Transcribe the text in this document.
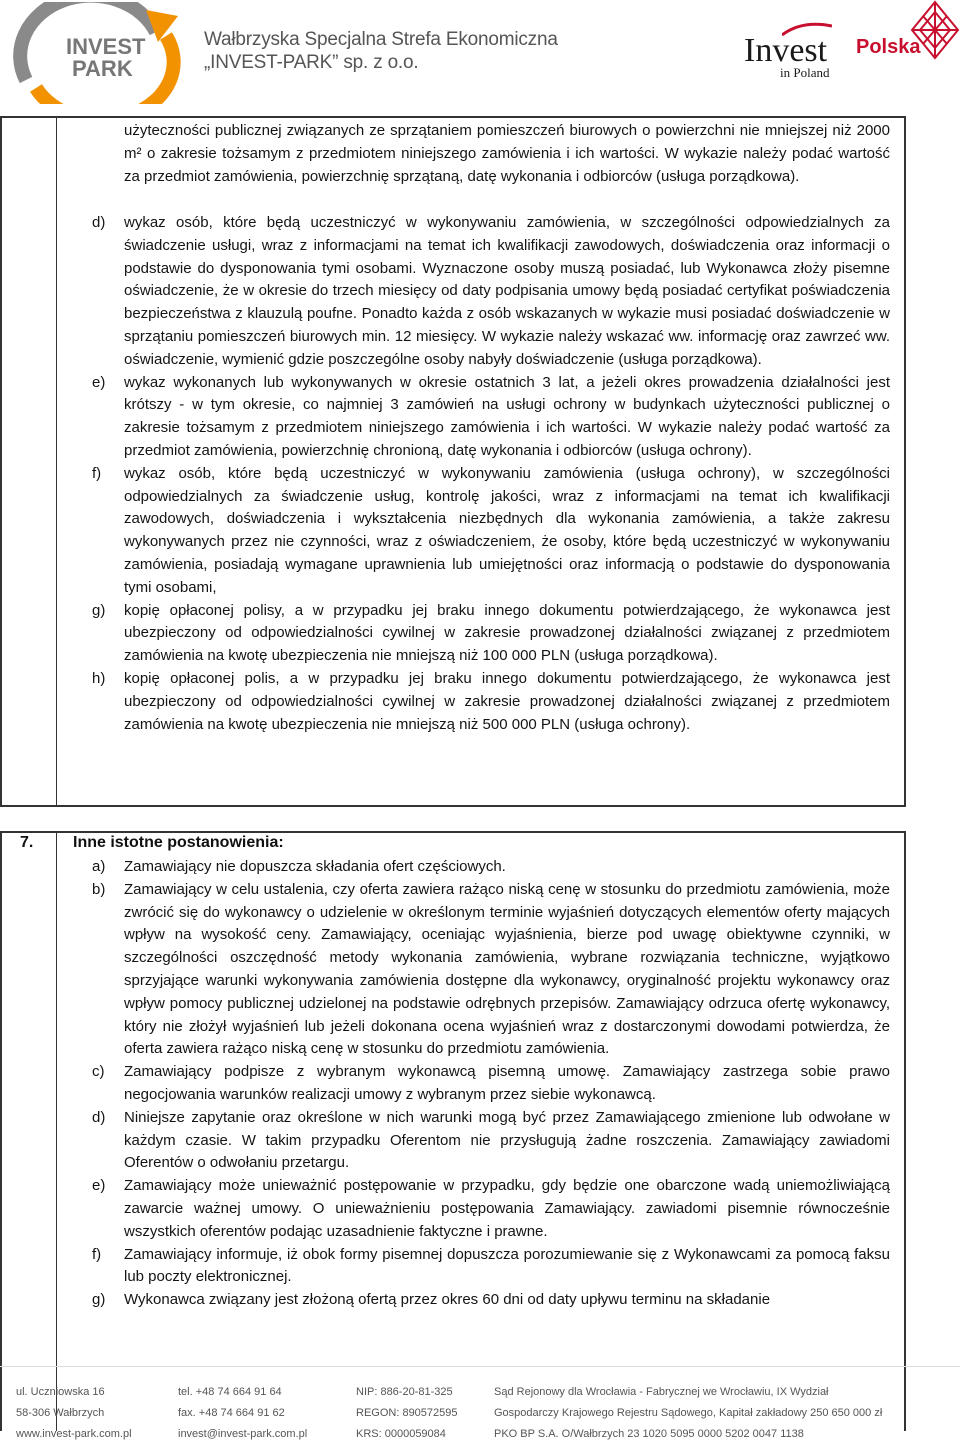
INVEST
PARK
Wałbrzyska Specjalna Strefa Ekonomiczna
„INVEST-PARK” sp. z o.o.	Invest
in Poland
Polska
użyteczności publicznej związanych ze sprzątaniem pomieszczeń biurowych o powierzchni nie mniejszej niż 2000 m² o zakresie tożsamym z przedmiotem niniejszego zamówienia i ich wartości. W wykazie należy podać wartość za przedmiot zamówienia, powierzchnię sprzątaną, datę wykonania i odbiorców (usługa porządkowa).
d) wykaz osób, które będą uczestniczyć w wykonywaniu zamówienia, w szczególności odpowiedzialnych za świadczenie usługi, wraz z informacjami na temat ich kwalifikacji zawodowych, doświadczenia oraz informacji o podstawie do dysponowania tymi osobami. Wyznaczone osoby muszą posiadać, lub Wykonawca złoży pisemne oświadczenie, że w okresie do trzech miesięcy od daty podpisania umowy będą posiadać certyfikat poświadczenia bezpieczeństwa z klauzulą poufne. Ponadto każda z osób wskazanych w wykazie musi posiadać doświadczenie w sprzątaniu pomieszczeń biurowych min. 12 miesięcy. W wykazie należy wskazać ww. informację oraz zawrzeć ww. oświadczenie, wymienić gdzie poszczególne osoby nabyły doświadczenie (usługa porządkowa).
e) wykaz wykonanych lub wykonywanych w okresie ostatnich 3 lat, a jeżeli okres prowadzenia działalności jest krótszy - w tym okresie, co najmniej 3 zamówień na usługi ochrony w budynkach użyteczności publicznej o zakresie tożsamym z przedmiotem niniejszego zamówienia i ich wartości. W wykazie należy podać wartość za przedmiot zamówienia, powierzchnię chronioną, datę wykonania i odbiorców (usługa ochrony).
f) wykaz osób, które będą uczestniczyć w wykonywaniu zamówienia (usługa ochrony), w szczególności odpowiedzialnych za świadczenie usług, kontrolę jakości, wraz z informacjami na temat ich kwalifikacji zawodowych, doświadczenia i wykształcenia niezbędnych dla wykonania zamówienia, a także zakresu wykonywanych przez nie czynności, wraz z oświadczeniem, że osoby, które będą uczestniczyć w wykonywaniu zamówienia, posiadają wymagane uprawnienia lub umiejętności oraz informacją o podstawie do dysponowania tymi osobami,
g) kopię opłaconej polisy, a w przypadku jej braku innego dokumentu potwierdzającego, że wykonawca jest ubezpieczony od odpowiedzialności cywilnej w zakresie prowadzonej działalności związanej z przedmiotem zamówienia na kwotę ubezpieczenia nie mniejszą niż 100 000 PLN (usługa porządkowa).
h) kopię opłaconej polis, a w przypadku jej braku innego dokumentu potwierdzającego, że wykonawca jest ubezpieczony od odpowiedzialności cywilnej w zakresie prowadzonej działalności związanej z przedmiotem zamówienia na kwotę ubezpieczenia nie mniejszą niż 500 000 PLN (usługa ochrony).
7. Inne istotne postanowienia:
a) Zamawiający nie dopuszcza składania ofert częściowych.
b) Zamawiający w celu ustalenia, czy oferta zawiera rażąco niską cenę w stosunku do przedmiotu zamówienia, może zwrócić się do wykonawcy o udzielenie w określonym terminie wyjaśnień dotyczących elementów oferty mających wpływ na wysokość ceny. Zamawiający, oceniając wyjaśnienia, bierze pod uwagę obiektywne czynniki, w szczególności oszczędność metody wykonania zamówienia, wybrane rozwiązania techniczne, wyjątkowo sprzyjające warunki wykonywania zamówienia dostępne dla wykonawcy, oryginalność projektu wykonawcy oraz wpływ pomocy publicznej udzielonej na podstawie odrębnych przepisów. Zamawiający odrzuca ofertę wykonawcy, który nie złożył wyjaśnień lub jeżeli dokonana ocena wyjaśnień wraz z dostarczonymi dowodami potwierdza, że oferta zawiera rażąco niską cenę w stosunku do przedmiotu zamówienia.
c) Zamawiający podpisze z wybranym wykonawcą pisemną umowę. Zamawiający zastrzega sobie prawo negocjowania warunków realizacji umowy z wybranym przez siebie wykonawcą.
d) Niniejsze zapytanie oraz określone w nich warunki mogą być przez Zamawiającego zmienione lub odwołane w każdym czasie. W takim przypadku Oferentom nie przysługują żadne roszczenia. Zamawiający zawiadomi Oferentów o odwołaniu przetargu.
e) Zamawiający może unieważnić postępowanie w przypadku, gdy będzie one obarczone wadą uniemożliwiającą zawarcie ważnej umowy. O unieważnieniu postępowania Zamawiający. zawiadomi pisemnie równocześnie wszystkich oferentów podając uzasadnienie faktyczne i prawne.
f) Zamawiający informuje, iż obok formy pisemnej dopuszcza porozumiewanie się z Wykonawcami za pomocą faksu lub poczty elektronicznej.
g) Wykonawca związany jest złożoną ofertą przez okres 60 dni od daty upływu terminu na składanie
ul. Uczniowska 16
58-306 Wałbrzych
www.invest-park.com.pl
tel. +48 74 664 91 64
fax. +48 74 664 91 62
invest@invest-park.com.pl
NIP: 886-20-81-325
REGON: 890572595
KRS: 0000059084
Sąd Rejonowy dla Wrocławia - Fabrycznej we Wrocławiu, IX Wydział
Gospodarczy Krajowego Rejestru Sądowego, Kapitał zakładowy 250 650 000 zł
PKO BP S.A. O/Wałbrzych 23 1020 5095 0000 5202 0047 1138
